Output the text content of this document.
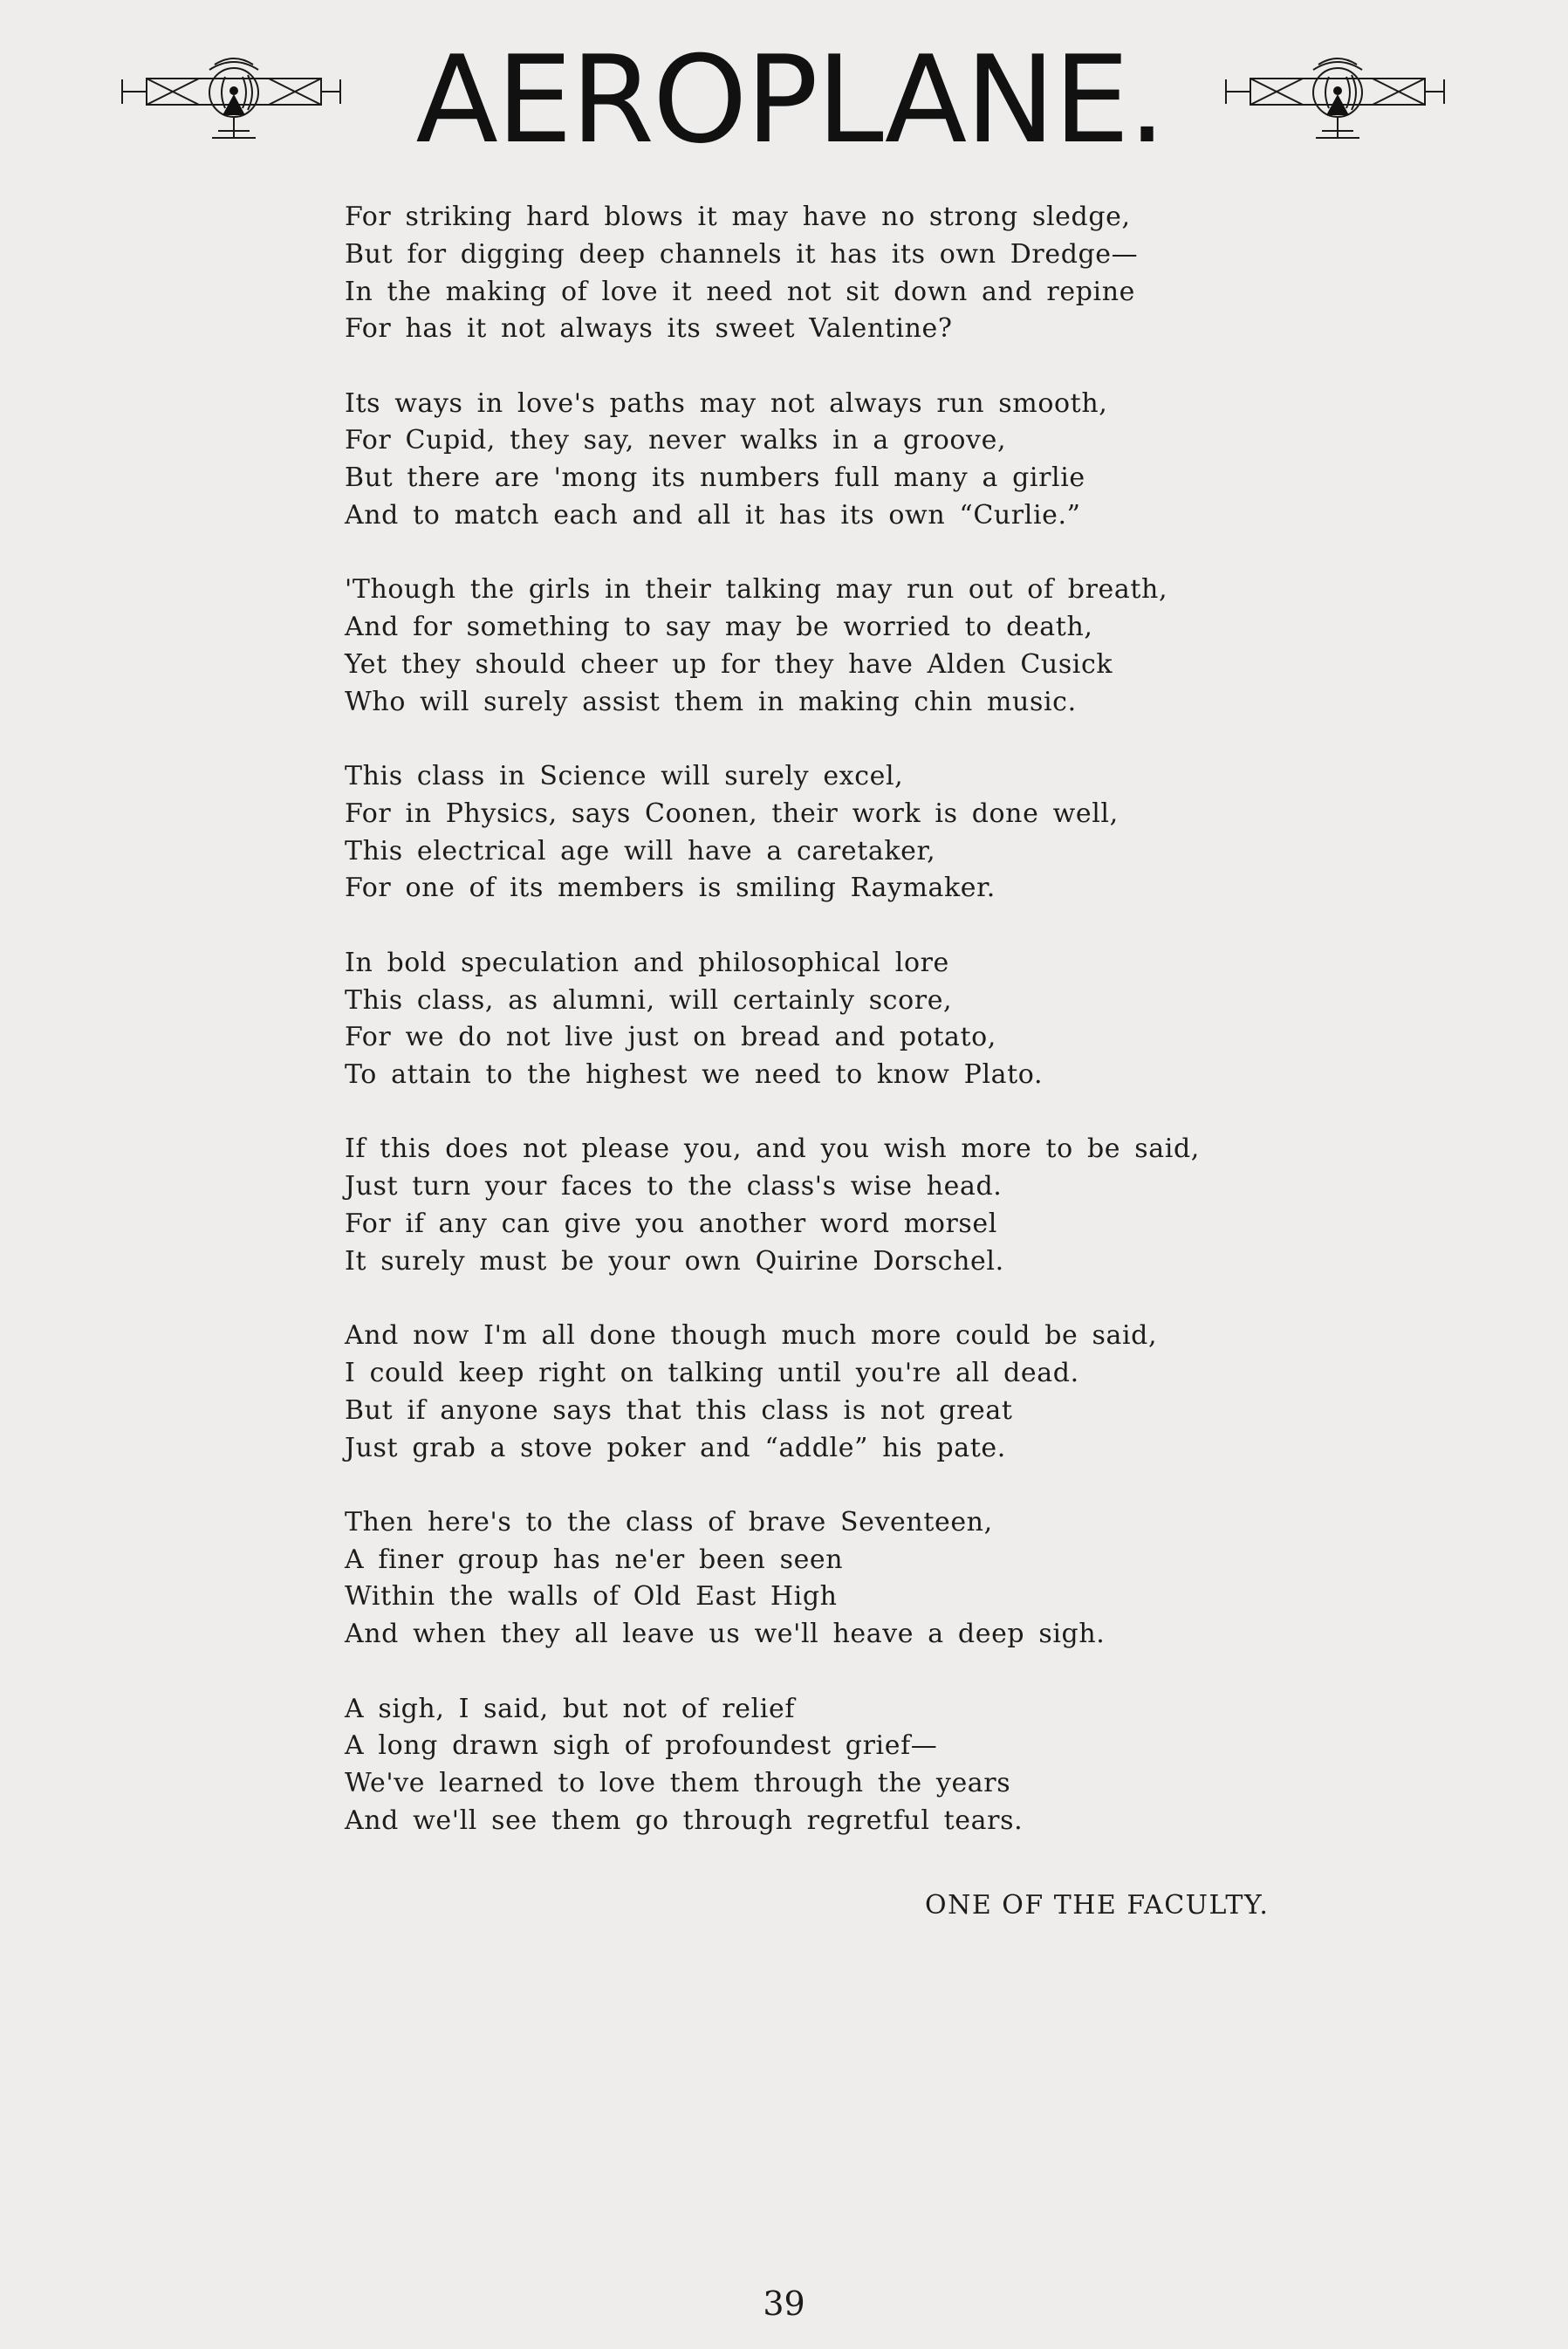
AEROPLANE.
For striking hard blows it may have no strong sledge,
But for digging deep channels it has its own Dredge—
In the making of love it need not sit down and repine
For has it not always its sweet Valentine?
Its ways in love's paths may not always run smooth,
For Cupid, they say, never walks in a groove,
But there are 'mong its numbers full many a girlie
And to match each and all it has its own “Curlie.”
'Though the girls in their talking may run out of breath,
And for something to say may be worried to death,
Yet they should cheer up for they have Alden Cusick
Who will surely assist them in making chin music.
This class in Science will surely excel,
For in Physics, says Coonen, their work is done well,
This electrical age will have a caretaker,
For one of its members is smiling Raymaker.
In bold speculation and philosophical lore
This class, as alumni, will certainly score,
For we do not live just on bread and potato,
To attain to the highest we need to know Plato.
If this does not please you, and you wish more to be said,
Just turn your faces to the class's wise head.
For if any can give you another word morsel
It surely must be your own Quirine Dorschel.
And now I'm all done though much more could be said,
I could keep right on talking until you're all dead.
But if anyone says that this class is not great
Just grab a stove poker and “addle” his pate.
Then here's to the class of brave Seventeen,
A finer group has ne'er been seen
Within the walls of Old East High
And when they all leave us we'll heave a deep sigh.
A sigh, I said, but not of relief
A long drawn sigh of profoundest grief—
We've learned to love them through the years
And we'll see them go through regretful tears.
ONE OF THE FACULTY.
39
